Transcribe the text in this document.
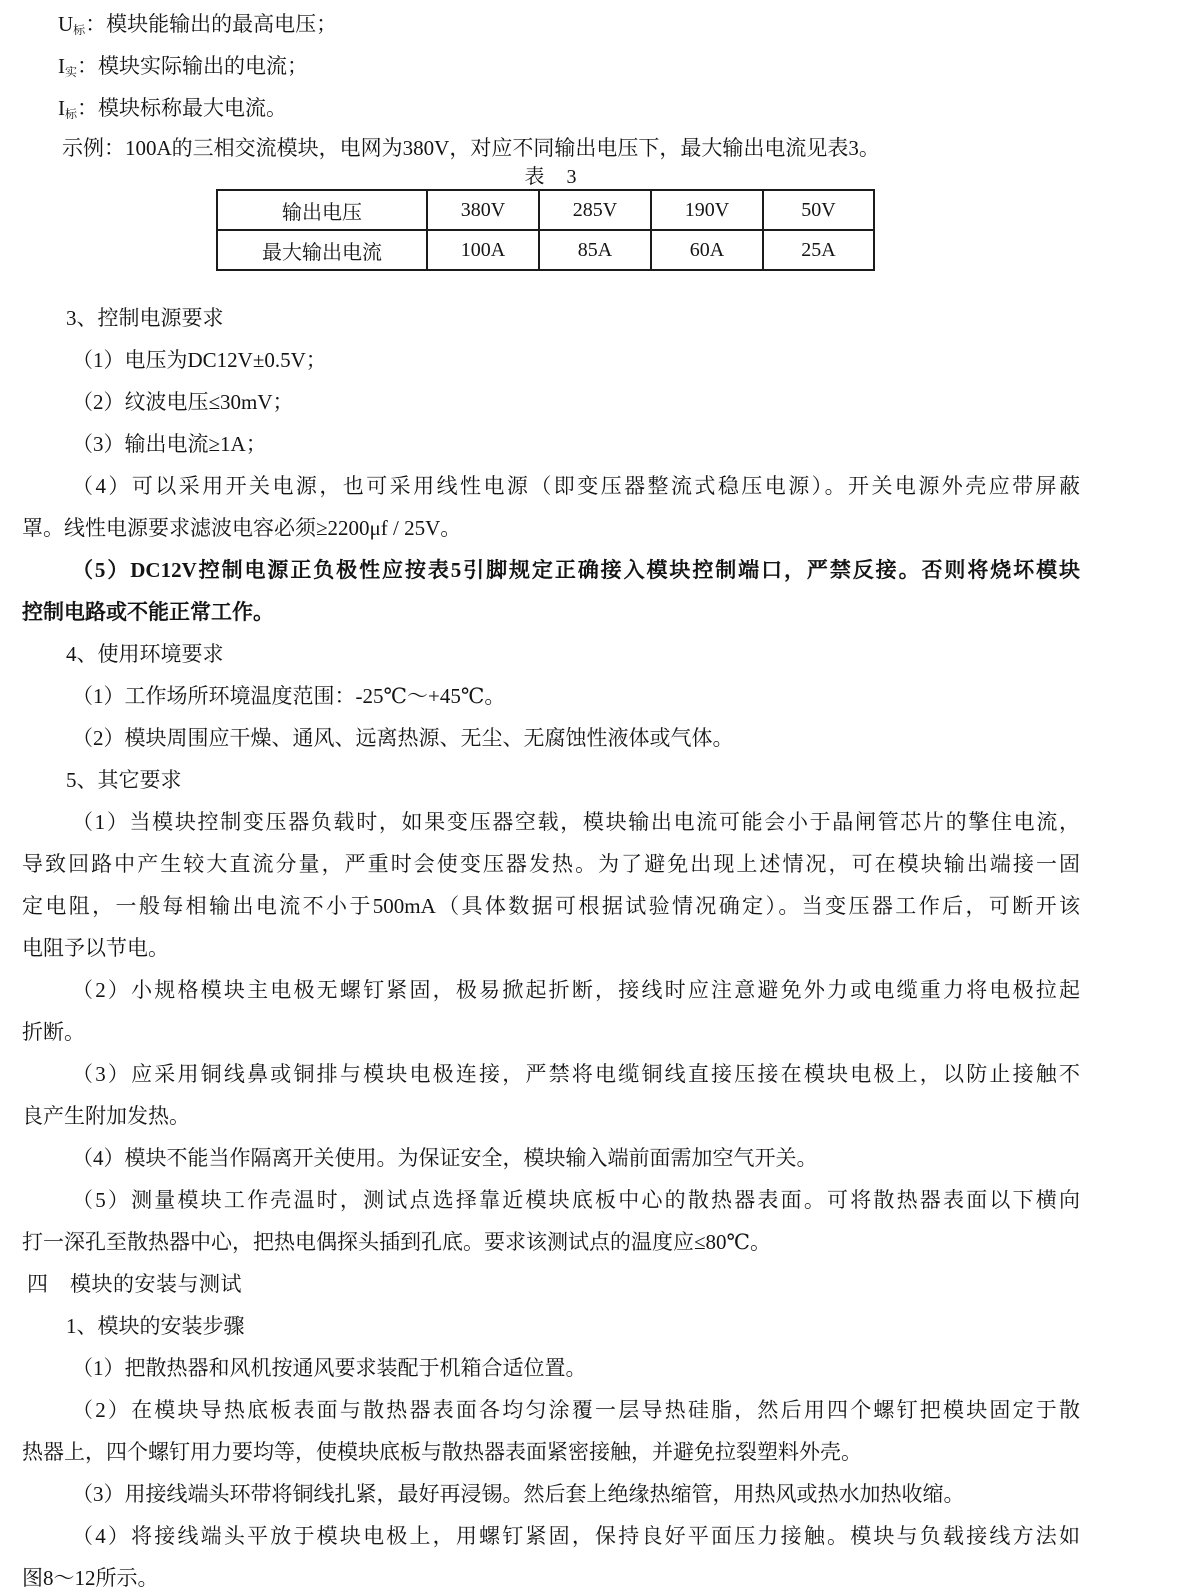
$U_标$：模块能输出的最高电压；
$I_实$：模块实际输出的电流；
$I_标$：模块标称最大电流。
示例：100A的三相交流模块，电网为380V，对应不同输出电压下，最大输出电流见表3。
表　3
输出电压	380V	285V	190V	50V
最大输出电流	100A	85A	60A	25A
3、控制电源要求
（1）电压为DC12V±0.5V；
（2）纹波电压≤30mV；
（3）输出电流≥1A；
（4）可以采用开关电源，也可采用线性电源（即变压器整流式稳压电源）。开关电源外壳应带屏蔽
罩。线性电源要求滤波电容必须≥2200μf / 25V。
（5）DC12V控制电源正负极性应按表5引脚规定正确接入模块控制端口，严禁反接。否则将烧坏模块
控制电路或不能正常工作。
4、使用环境要求
（1）工作场所环境温度范围：-25℃～+45℃。
（2）模块周围应干燥、通风、远离热源、无尘、无腐蚀性液体或气体。
5、其它要求
（1）当模块控制变压器负载时，如果变压器空载，模块输出电流可能会小于晶闸管芯片的擎住电流，
导致回路中产生较大直流分量，严重时会使变压器发热。为了避免出现上述情况，可在模块输出端接一固
定电阻，一般每相输出电流不小于500mA（具体数据可根据试验情况确定）。当变压器工作后，可断开该
电阻予以节电。
（2）小规格模块主电极无螺钉紧固，极易掀起折断，接线时应注意避免外力或电缆重力将电极拉起
折断。
（3）应采用铜线鼻或铜排与模块电极连接，严禁将电缆铜线直接压接在模块电极上，以防止接触不
良产生附加发热。
（4）模块不能当作隔离开关使用。为保证安全，模块输入端前面需加空气开关。
（5）测量模块工作壳温时，测试点选择靠近模块底板中心的散热器表面。可将散热器表面以下横向
打一深孔至散热器中心，把热电偶探头插到孔底。要求该测试点的温度应≤80℃。
四　模块的安装与测试
1、模块的安装步骤
（1）把散热器和风机按通风要求装配于机箱合适位置。
（2）在模块导热底板表面与散热器表面各均匀涂覆一层导热硅脂，然后用四个螺钉把模块固定于散
热器上，四个螺钉用力要均等，使模块底板与散热器表面紧密接触，并避免拉裂塑料外壳。
（3）用接线端头环带将铜线扎紧，最好再浸锡。然后套上绝缘热缩管，用热风或热水加热收缩。
（4）将接线端头平放于模块电极上，用螺钉紧固，保持良好平面压力接触。模块与负载接线方法如
图8～12所示。
